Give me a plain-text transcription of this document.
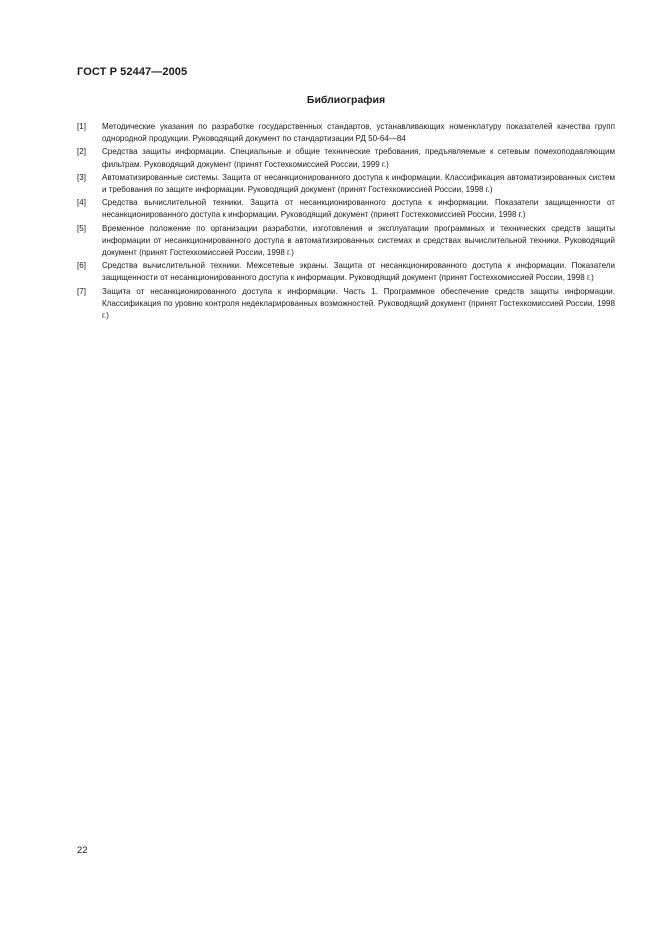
ГОСТ Р 52447—2005
Библиография
[1] Методические указания по разработке государственных стандартов, устанавливающих номенклатуру показателей качества групп однородной продукции. Руководящий документ по стандартизации РД 50-64—84
[2] Средства защиты информации. Специальные и общие технические требования, предъявляемые к сетевым помехоподавляющим фильтрам. Руководящий документ (принят Гостехкомиссией России, 1999 г.)
[3] Автоматизированные системы. Защита от несанкционированного доступа к информации. Классификация автоматизированных систем и требования по защите информации. Руководящий документ (принят Гостехкомиссией России, 1998 г.)
[4] Средства вычислительной техники. Защита от несанкционированного доступа к информации. Показатели защищенности от несанкционированного доступа к информации. Руководящий документ (принят Гостехкомиссией России, 1998 г.)
[5] Временное положение по организации разработки, изготовления и эксплуатации программных и технических средств защиты информации от несанкционированного доступа в автоматизированных системах и средствах вычислительной техники. Руководящий документ (принят Гостехкомиссией России, 1998 г.)
[6] Средства вычислительной техники. Межсетевые экраны. Защита от несанкционированного доступа к информации. Показатели защищенности от несанкционированного доступа к информации. Руководящий документ (принят Гостехкомиссией России, 1998 г.)
[7] Защита от несанкционированного доступа к информации. Часть 1. Программное обеспечение средств защиты информации. Классификация по уровню контроля недекларированных возможностей. Руководящий документ (принят Гостехкомиссией России, 1998 г.)
22
